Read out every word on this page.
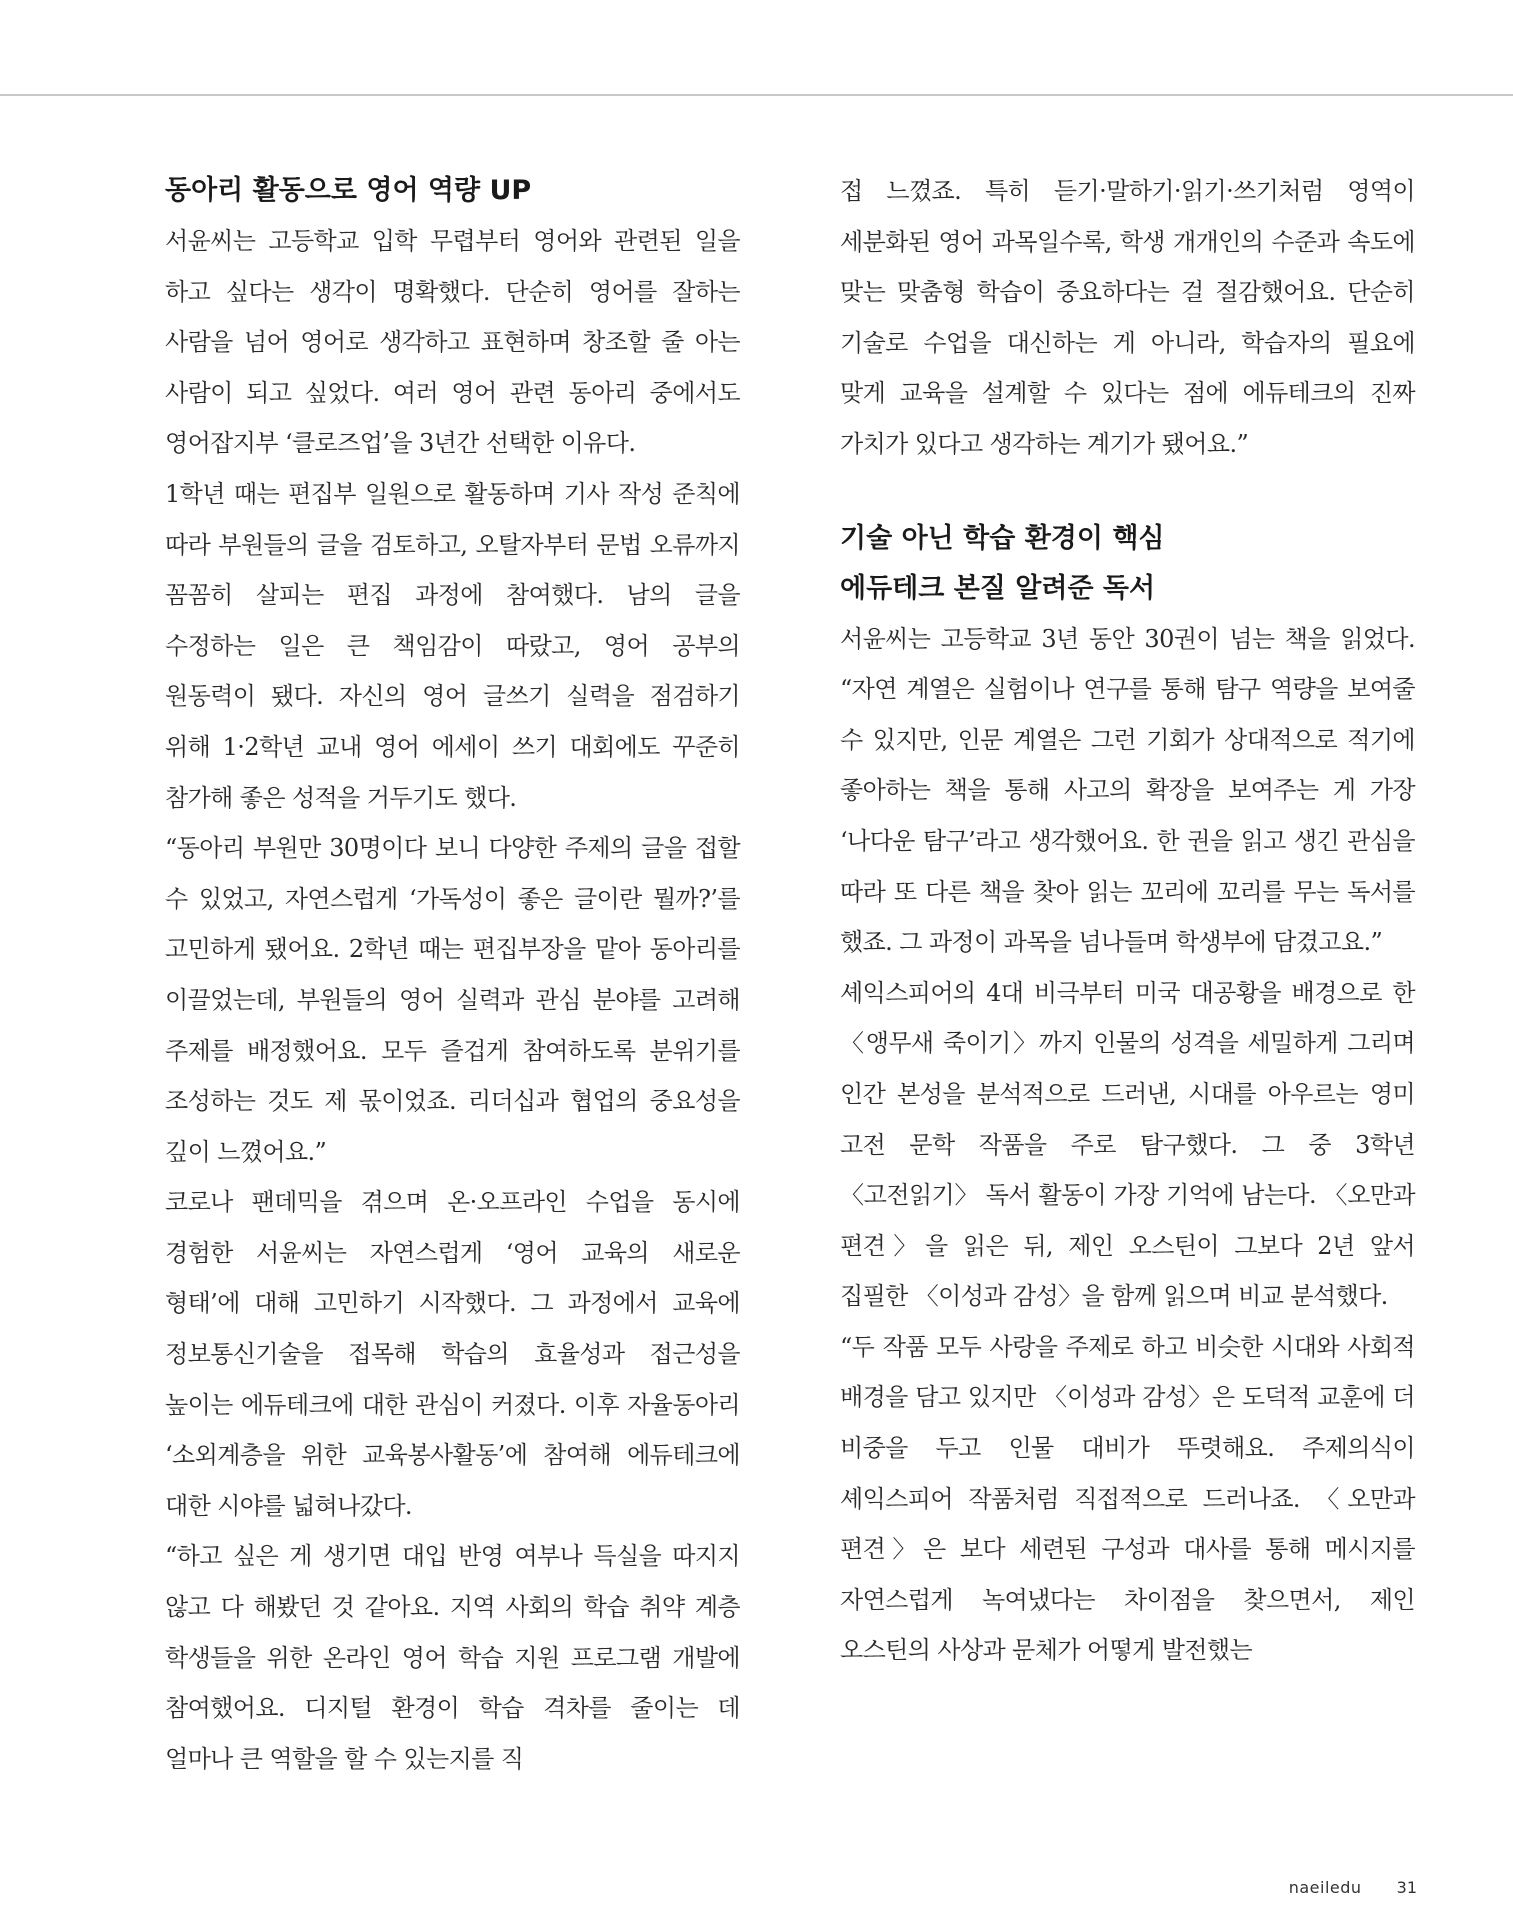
동아리 활동으로 영어 역량 UP

서윤씨는 고등학교 입학 무렵부터 영어와 관련된 일을 하고 싶다는 생각이 명확했다. 단순히 영어를 잘하는 사람을 넘어 영어로 생각하고 표현하며 창조할 줄 아는 사람이 되고 싶었다. 여러 영어 관련 동아리 중에서도 영어잡지부 ‘클로즈업’을 3년간 선택한 이유다.

1학년 때는 편집부 일원으로 활동하며 기사 작성 준칙에 따라 부원들의 글을 검토하고, 오탈자부터 문법 오류까지 꼼꼼히 살피는 편집 과정에 참여했다. 남의 글을 수정하는 일은 큰 책임감이 따랐고, 영어 공부의 원동력이 됐다. 자신의 영어 글쓰기 실력을 점검하기 위해 1·2학년 교내 영어 에세이 쓰기 대회에도 꾸준히 참가해 좋은 성적을 거두기도 했다.

“동아리 부원만 30명이다 보니 다양한 주제의 글을 접할 수 있었고, 자연스럽게 ‘가독성이 좋은 글이란 뭘까?’를 고민하게 됐어요. 2학년 때는 편집부장을 맡아 동아리를 이끌었는데, 부원들의 영어 실력과 관심 분야를 고려해 주제를 배정했어요. 모두 즐겁게 참여하도록 분위기를 조성하는 것도 제 몫이었죠. 리더십과 협업의 중요성을 깊이 느꼈어요.”

코로나 팬데믹을 겪으며 온·오프라인 수업을 동시에 경험한 서윤씨는 자연스럽게 ‘영어 교육의 새로운 형태’에 대해 고민하기 시작했다. 그 과정에서 교육에 정보통신기술을 접목해 학습의 효율성과 접근성을 높이는 에듀테크에 대한 관심이 커졌다. 이후 자율동아리 ‘소외계층을 위한 교육봉사활동’에 참여해 에듀테크에 대한 시야를 넓혀나갔다.

“하고 싶은 게 생기면 대입 반영 여부나 득실을 따지지 않고 다 해봤던 것 같아요. 지역 사회의 학습 취약 계층 학생들을 위한 온라인 영어 학습 지원 프로그램 개발에 참여했어요. 디지털 환경이 학습 격차를 줄이는 데 얼마나 큰 역할을 할 수 있는지를 직

접 느꼈죠. 특히 듣기·말하기·읽기·쓰기처럼 영역이 세분화된 영어 과목일수록, 학생 개개인의 수준과 속도에 맞는 맞춤형 학습이 중요하다는 걸 절감했어요. 단순히 기술로 수업을 대신하는 게 아니라, 학습자의 필요에 맞게 교육을 설계할 수 있다는 점에 에듀테크의 진짜 가치가 있다고 생각하는 계기가 됐어요.”

기술 아닌 학습 환경이 핵심
에듀테크 본질 알려준 독서

서윤씨는 고등학교 3년 동안 30권이 넘는 책을 읽었다. “자연 계열은 실험이나 연구를 통해 탐구 역량을 보여줄 수 있지만, 인문 계열은 그런 기회가 상대적으로 적기에 좋아하는 책을 통해 사고의 확장을 보여주는 게 가장 ‘나다운 탐구’라고 생각했어요. 한 권을 읽고 생긴 관심을 따라 또 다른 책을 찾아 읽는 꼬리에 꼬리를 무는 독서를 했죠. 그 과정이 과목을 넘나들며 학생부에 담겼고요.”

셰익스피어의 4대 비극부터 미국 대공황을 배경으로 한 〈앵무새 죽이기〉까지 인물의 성격을 세밀하게 그리며 인간 본성을 분석적으로 드러낸, 시대를 아우르는 영미 고전 문학 작품을 주로 탐구했다. 그 중 3학년 〈고전읽기〉 독서 활동이 가장 기억에 남는다. 〈오만과 편견〉을 읽은 뒤, 제인 오스틴이 그보다 2년 앞서 집필한 〈이성과 감성〉을 함께 읽으며 비교 분석했다.

“두 작품 모두 사랑을 주제로 하고 비슷한 시대와 사회적 배경을 담고 있지만 〈이성과 감성〉은 도덕적 교훈에 더 비중을 두고 인물 대비가 뚜렷해요. 주제의식이 셰익스피어 작품처럼 직접적으로 드러나죠. 〈오만과 편견〉은 보다 세련된 구성과 대사를 통해 메시지를 자연스럽게 녹여냈다는 차이점을 찾으면서, 제인 오스틴의 사상과 문체가 어떻게 발전했는

naeiledu 31
